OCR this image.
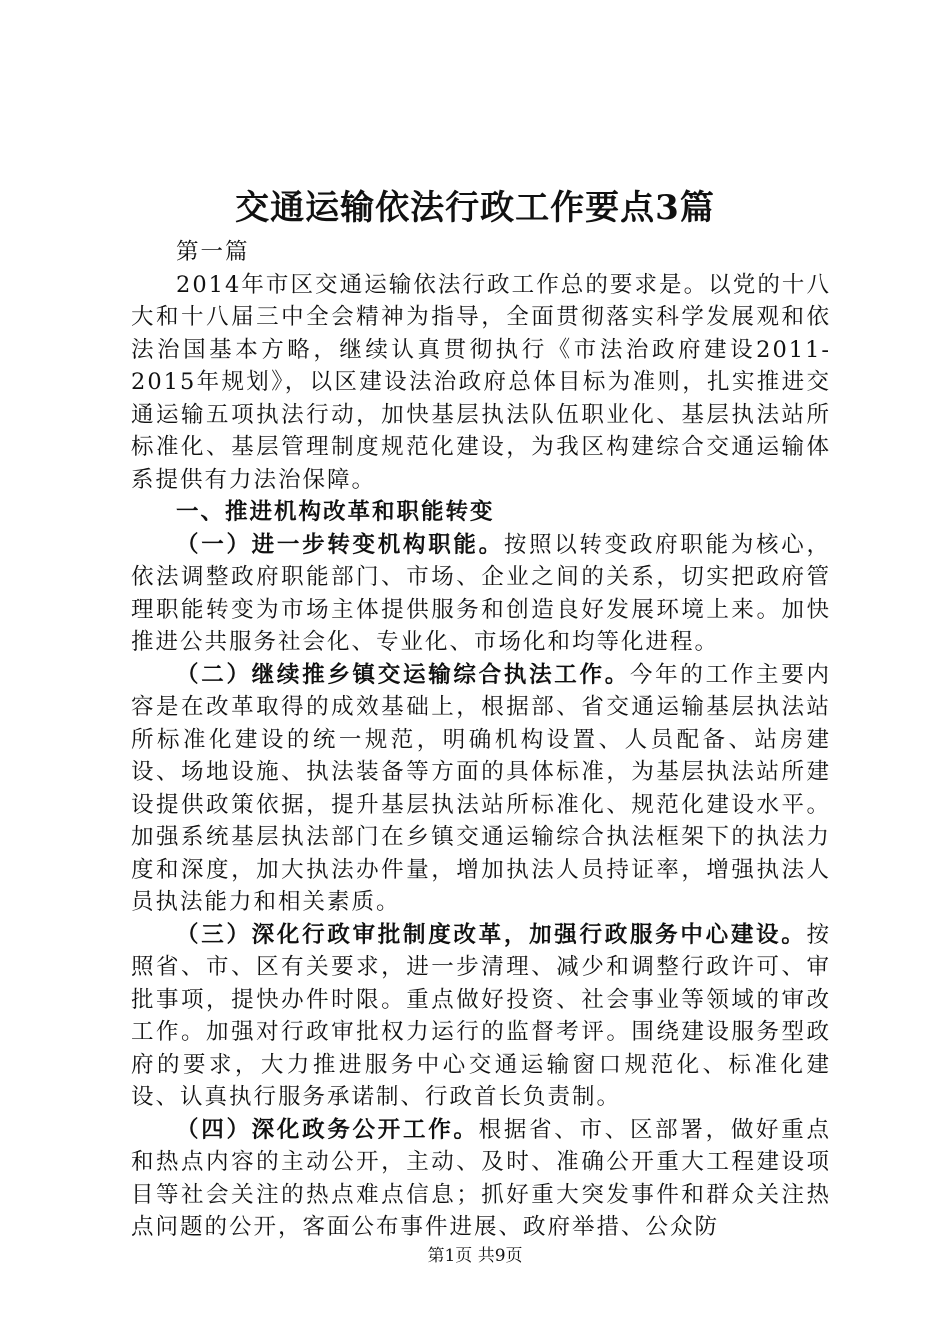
交通运输依法行政工作要点3篇

第一篇

2014年市区交通运输依法行政工作总的要求是。以党的十八大和十八届三中全会精神为指导，全面贯彻落实科学发展观和依法治国基本方略，继续认真贯彻执行《市法治政府建设2011-2015年规划》，以区建设法治政府总体目标为准则，扎实推进交通运输五项执法行动，加快基层执法队伍职业化、基层执法站所标准化、基层管理制度规范化建设，为我区构建综合交通运输体系提供有力法治保障。

一、推进机构改革和职能转变

（一）进一步转变机构职能。按照以转变政府职能为核心，依法调整政府职能部门、市场、企业之间的关系，切实把政府管理职能转变为市场主体提供服务和创造良好发展环境上来。加快推进公共服务社会化、专业化、市场化和均等化进程。

（二）继续推乡镇交运输综合执法工作。今年的工作主要内容是在改革取得的成效基础上，根据部、省交通运输基层执法站所标准化建设的统一规范，明确机构设置、人员配备、站房建设、场地设施、执法装备等方面的具体标准，为基层执法站所建设提供政策依据，提升基层执法站所标准化、规范化建设水平。加强系统基层执法部门在乡镇交通运输综合执法框架下的执法力度和深度，加大执法办件量，增加执法人员持证率，增强执法人员执法能力和相关素质。

（三）深化行政审批制度改革，加强行政服务中心建设。按照省、市、区有关要求，进一步清理、减少和调整行政许可、审批事项，提快办件时限。重点做好投资、社会事业等领域的审改工作。加强对行政审批权力运行的监督考评。围绕建设服务型政府的要求，大力推进服务中心交通运输窗口规范化、标准化建设、认真执行服务承诺制、行政首长负责制。

（四）深化政务公开工作。根据省、市、区部署，做好重点和热点内容的主动公开，主动、及时、准确公开重大工程建设项目等社会关注的热点难点信息；抓好重大突发事件和群众关注热点问题的公开，客面公布事件进展、政府举措、公众防

第1页 共9页
